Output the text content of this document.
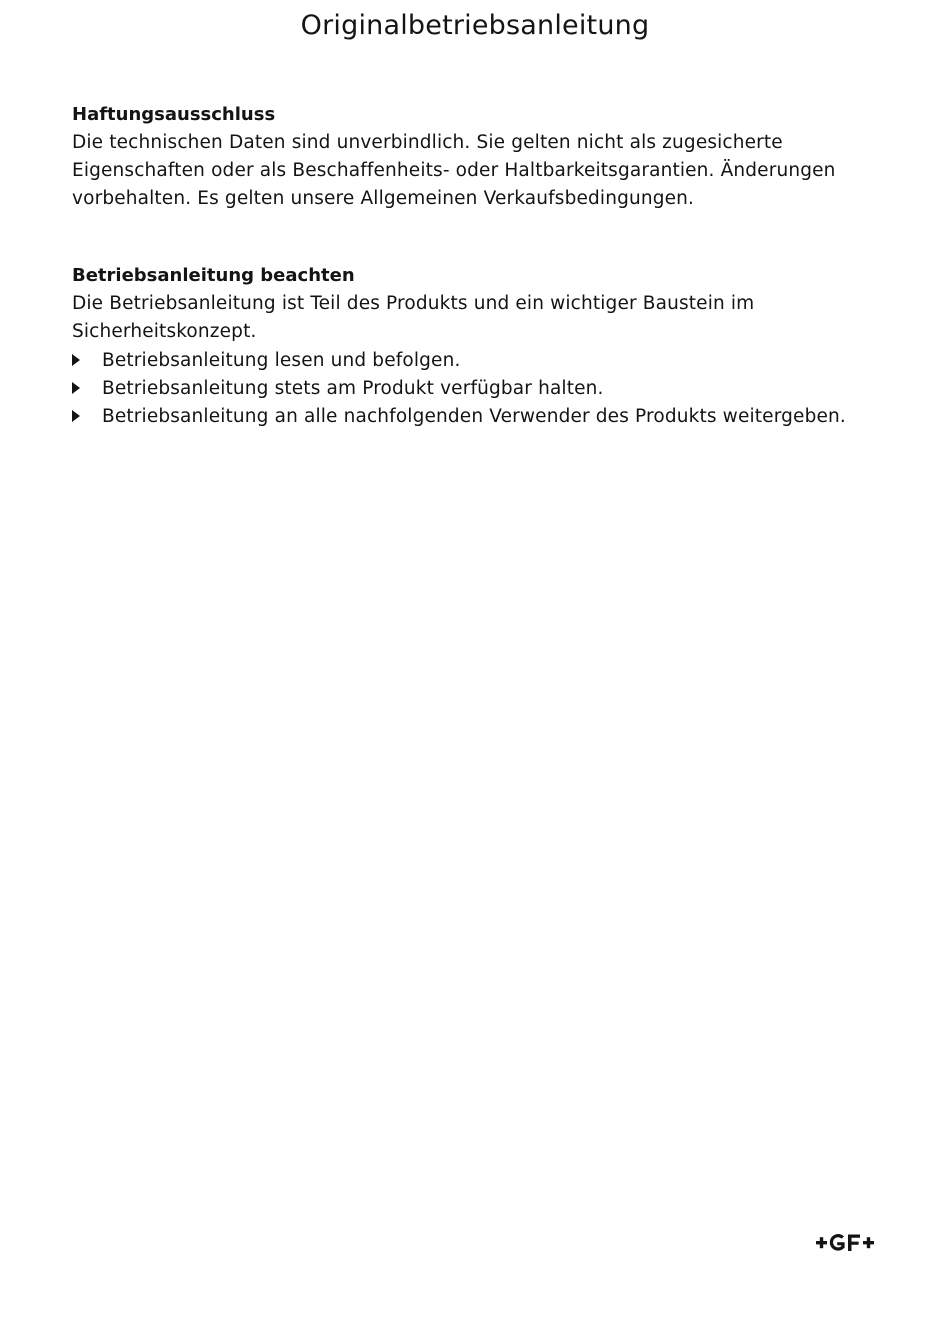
Originalbetriebsanleitung

Haftungsausschluss

Die technischen Daten sind unverbindlich. Sie gelten nicht als zugesicherte

Eigenschaften oder als Beschaffenheits- oder Haltbarkeitsgarantien. Änderungen

vorbehalten. Es gelten unsere Allgemeinen Verkaufsbedingungen.

Betriebsanleitung beachten

Die Betriebsanleitung ist Teil des Produkts und ein wichtiger Baustein im

Sicherheitskonzept.

Betriebsanleitung lesen und befolgen.
Betriebsanleitung stets am Produkt verfügbar halten.
Betriebsanleitung an alle nachfolgenden Verwender des Produkts weitergeben.
